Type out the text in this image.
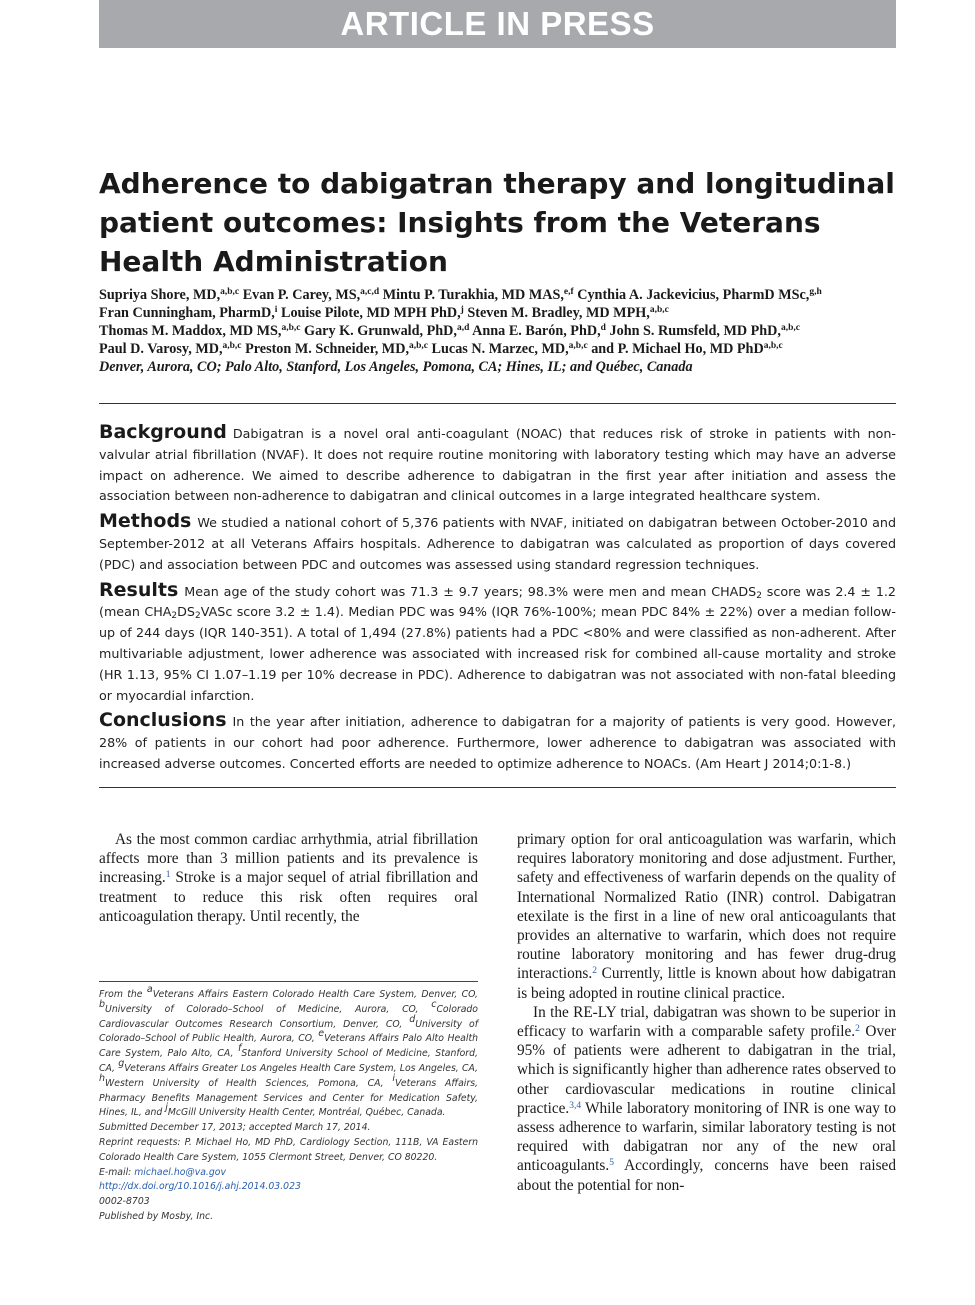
ARTICLE IN PRESS
Adherence to dabigatran therapy and longitudinal patient outcomes: Insights from the Veterans Health Administration
Supriya Shore, MD,$^{a,b,c}$ Evan P. Carey, MS,$^{a,c,d}$ Mintu P. Turakhia, MD MAS,$^{e,f}$ Cynthia A. Jackevicius, PharmD MSc,$^{g,h}$
Fran Cunningham, PharmD,$^i$ Louise Pilote, MD MPH PhD,$^j$ Steven M. Bradley, MD MPH,$^{a,b,c}$
Thomas M. Maddox, MD MS,$^{a,b,c}$ Gary K. Grunwald, PhD,$^{a,d}$ Anna E. Barón, PhD,$^d$ John S. Rumsfeld, MD PhD,$^{a,b,c}$
Paul D. Varosy, MD,$^{a,b,c}$ Preston M. Schneider, MD,$^{a,b,c}$ Lucas N. Marzec, MD,$^{a,b,c}$ and P. Michael Ho, MD PhD$^{a,b,c}$
Denver, Aurora, CO; Palo Alto, Stanford, Los Angeles, Pomona, CA; Hines, IL; and Québec, Canada

Background Dabigatran is a novel oral anti-coagulant (NOAC) that reduces risk of stroke in patients with non-valvular atrial fibrillation (NVAF). It does not require routine monitoring with laboratory testing which may have an adverse impact on adherence. We aimed to describe adherence to dabigatran in the first year after initiation and assess the association between non-adherence to dabigatran and clinical outcomes in a large integrated healthcare system.

Methods We studied a national cohort of 5,376 patients with NVAF, initiated on dabigatran between October-2010 and September-2012 at all Veterans Affairs hospitals. Adherence to dabigatran was calculated as proportion of days covered (PDC) and association between PDC and outcomes was assessed using standard regression techniques.

Results Mean age of the study cohort was 71.3 ± 9.7 years; 98.3% were men and mean $CHADS_2$ score was 2.4 ± 1.2 (mean $CHA_2DS_2VASc$ score 3.2 ± 1.4). Median PDC was 94% (IQR 76%-100%; mean PDC 84% ± 22%) over a median follow-up of 244 days (IQR 140-351). A total of 1,494 (27.8%) patients had a PDC <80% and were classified as non-adherent. After multivariable adjustment, lower adherence was associated with increased risk for combined all-cause mortality and stroke (HR 1.13, 95% CI 1.07–1.19 per 10% decrease in PDC). Adherence to dabigatran was not associated with non-fatal bleeding or myocardial infarction.

Conclusions In the year after initiation, adherence to dabigatran for a majority of patients is very good. However, 28% of patients in our cohort had poor adherence. Furthermore, lower adherence to dabigatran was associated with increased adverse outcomes. Concerted efforts are needed to optimize adherence to NOACs. (Am Heart J 2014;0:1-8.)

As the most common cardiac arrhythmia, atrial fibrillation affects more than 3 million patients and its prevalence is increasing.$^1$ Stroke is a major sequel of atrial fibrillation and treatment to reduce this risk often requires oral anticoagulation therapy. Until recently, the

From the $^a$Veterans Affairs Eastern Colorado Health Care System, Denver, CO, $^b$University of Colorado–School of Medicine, Aurora, CO, $^c$Colorado Cardiovascular Outcomes Research Consortium, Denver, CO, $^d$University of Colorado–School of Public Health, Aurora, CO, $^e$Veterans Affairs Palo Alto Health Care System, Palo Alto, CA, $^f$Stanford University School of Medicine, Stanford, CA, $^g$Veterans Affairs Greater Los Angeles Health Care System, Los Angeles, CA, $^h$Western University of Health Sciences, Pomona, CA, $^i$Veterans Affairs, Pharmacy Benefits Management Services and Center for Medication Safety, Hines, IL, and $^j$McGill University Health Center, Montréal, Québec, Canada.

Submitted December 17, 2013; accepted March 17, 2014.

Reprint requests: P. Michael Ho, MD PhD, Cardiology Section, 111B, VA Eastern Colorado Health Care System, 1055 Clermont Street, Denver, CO 80220.

E-mail: michael.ho@va.gov

http://dx.doi.org/10.1016/j.ahj.2014.03.023

0002-8703

Published by Mosby, Inc.

primary option for oral anticoagulation was warfarin, which requires laboratory monitoring and dose adjustment. Further, safety and effectiveness of warfarin depends on the quality of International Normalized Ratio (INR) control. Dabigatran etexilate is the first in a line of new oral anticoagulants that provides an alternative to warfarin, which does not require routine laboratory monitoring and has fewer drug-drug interactions.$^2$ Currently, little is known about how dabigatran is being adopted in routine clinical practice.

In the RE-LY trial, dabigatran was shown to be superior in efficacy to warfarin with a comparable safety profile.$^2$ Over 95% of patients were adherent to dabigatran in the trial, which is significantly higher than adherence rates observed to other cardiovascular medications in routine clinical practice.$^{3,4}$ While laboratory monitoring of INR is one way to assess adherence to warfarin, similar laboratory testing is not required with dabigatran nor any of the new oral anticoagulants.$^5$ Accordingly, concerns have been raised about the potential for non-
